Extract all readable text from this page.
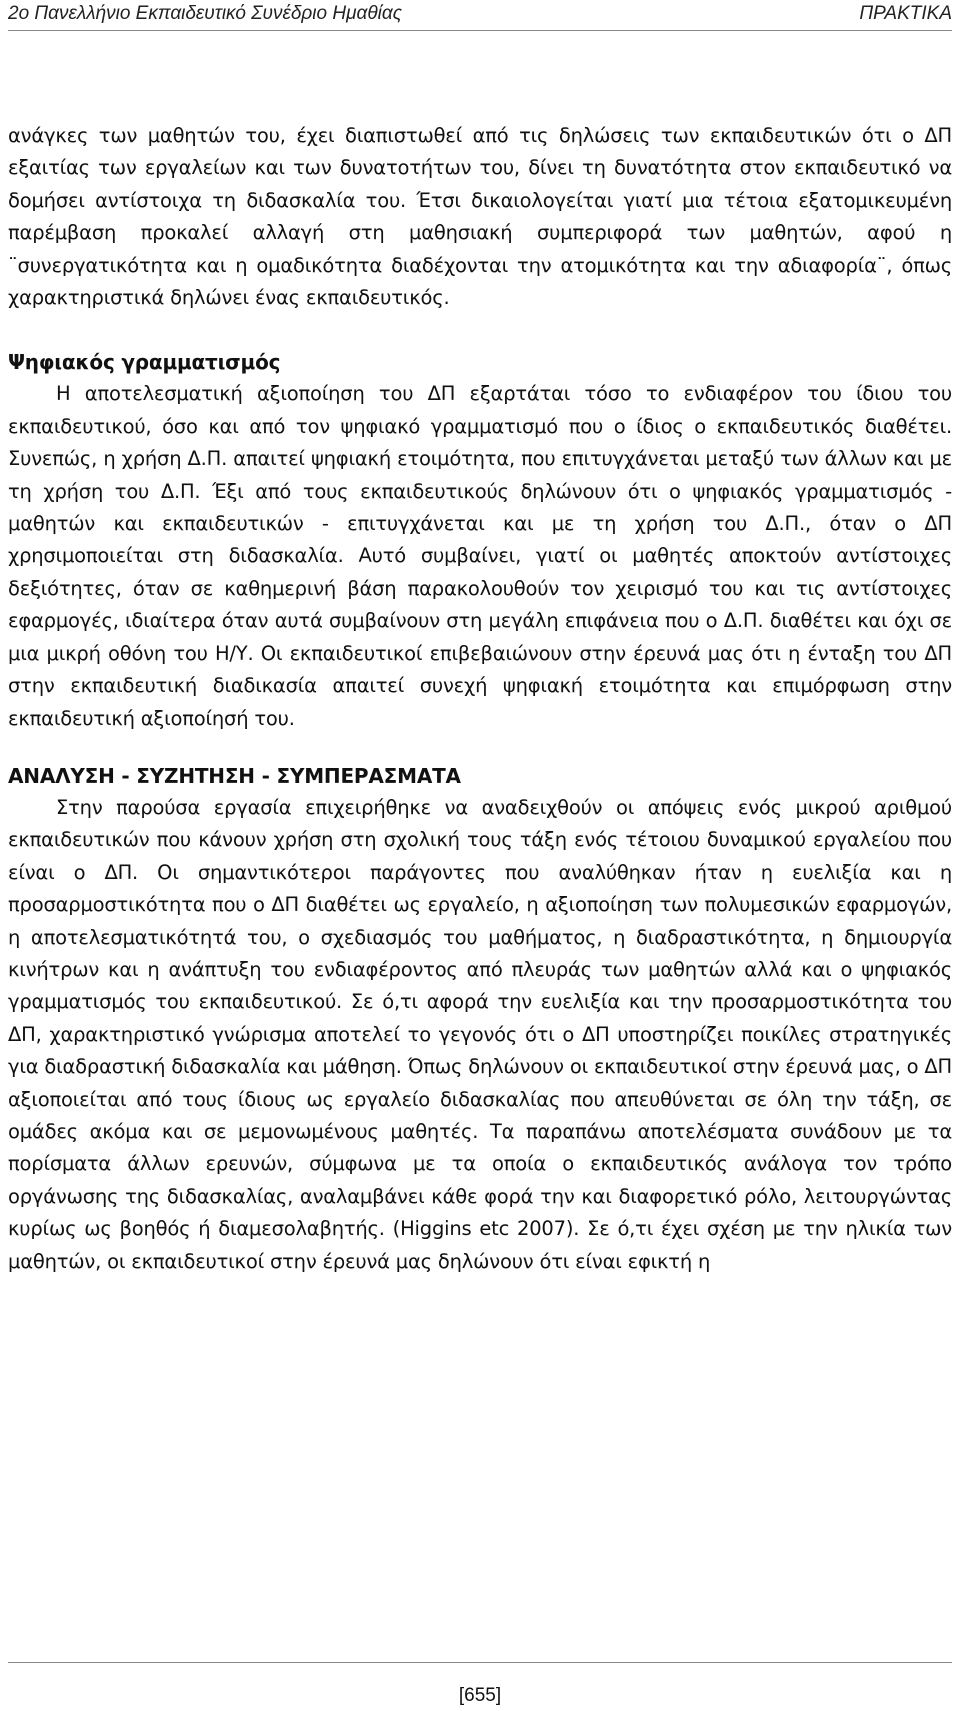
2ο Πανελλήνιο Εκπαιδευτικό Συνέδριο Ημαθίας	ΠΡΑΚΤΙΚΑ

ανάγκες των μαθητών του, έχει διαπιστωθεί από τις δηλώσεις των εκπαιδευτικών ότι ο ΔΠ εξαιτίας των εργαλείων και των δυνατοτήτων του, δίνει τη δυνατότητα στον εκπαιδευτικό να δομήσει αντίστοιχα τη διδασκαλία του. Έτσι δικαιολογείται γιατί μια τέτοια εξατομικευμένη παρέμβαση προκαλεί αλλαγή στη μαθησιακή συμπεριφορά των μαθητών, αφού η ¨συνεργατικότητα και η ομαδικότητα διαδέχονται την ατομικότητα και την αδιαφορία¨, όπως χαρακτηριστικά δηλώνει ένας εκπαιδευτικός.

Ψηφιακός γραμματισμός

Η αποτελεσματική αξιοποίηση του ΔΠ εξαρτάται τόσο το ενδιαφέρον του ίδιου του εκπαιδευτικού, όσο και από τον ψηφιακό γραμματισμό που ο ίδιος ο εκπαιδευτικός διαθέτει. Συνεπώς, η χρήση Δ.Π. απαιτεί ψηφιακή ετοιμότητα, που επιτυγχάνεται μεταξύ των άλλων και με τη χρήση του Δ.Π. Έξι από τους εκπαιδευτικούς δηλώνουν ότι ο ψηφιακός γραμματισμός - μαθητών και εκπαιδευτικών - επιτυγχάνεται και με τη χρήση του Δ.Π., όταν ο ΔΠ χρησιμοποιείται στη διδασκαλία. Αυτό συμβαίνει, γιατί οι μαθητές αποκτούν αντίστοιχες δεξιότητες, όταν σε καθημερινή βάση παρακολουθούν τον χειρισμό του και τις αντίστοιχες εφαρμογές, ιδιαίτερα όταν αυτά συμβαίνουν στη μεγάλη επιφάνεια που ο Δ.Π. διαθέτει και όχι σε μια μικρή οθόνη του Η/Υ. Οι εκπαιδευτικοί επιβεβαιώνουν στην έρευνά μας ότι η ένταξη του ΔΠ στην εκπαιδευτική διαδικασία απαιτεί συνεχή ψηφιακή ετοιμότητα και επιμόρφωση στην εκπαιδευτική αξιοποίησή του.

ΑΝΑΛΥΣΗ - ΣΥΖΗΤΗΣΗ - ΣΥΜΠΕΡΑΣΜΑΤΑ

Στην παρούσα εργασία επιχειρήθηκε να αναδειχθούν οι απόψεις ενός μικρού αριθμού εκπαιδευτικών που κάνουν χρήση στη σχολική τους τάξη ενός τέτοιου δυναμικού εργαλείου που είναι ο ΔΠ. Οι σημαντικότεροι παράγοντες που αναλύθηκαν ήταν η ευελιξία και η προσαρμοστικότητα που ο ΔΠ διαθέτει ως εργαλείο, η αξιοποίηση των πολυμεσικών εφαρμογών, η αποτελεσματικότητά του, ο σχεδιασμός του μαθήματος, η διαδραστικότητα, η δημιουργία κινήτρων και η ανάπτυξη του ενδιαφέροντος από πλευράς των μαθητών αλλά και ο ψηφιακός γραμματισμός του εκπαιδευτικού. Σε ό,τι αφορά την ευελιξία και την προσαρμοστικότητα του ΔΠ, χαρακτηριστικό γνώρισμα αποτελεί το γεγονός ότι ο ΔΠ υποστηρίζει ποικίλες στρατηγικές για διαδραστική διδασκαλία και μάθηση. Όπως δηλώνουν οι εκπαιδευτικοί στην έρευνά μας, ο ΔΠ αξιοποιείται από τους ίδιους ως εργαλείο διδασκαλίας που απευθύνεται σε όλη την τάξη, σε ομάδες ακόμα και σε μεμονωμένους μαθητές. Τα παραπάνω αποτελέσματα συνάδουν με τα πορίσματα άλλων ερευνών, σύμφωνα με τα οποία ο εκπαιδευτικός ανάλογα τον τρόπο οργάνωσης της διδασκαλίας, αναλαμβάνει κάθε φορά την και διαφορετικό ρόλο, λειτουργώντας κυρίως ως βοηθός ή διαμεσολαβητής. (Higgins etc 2007). Σε ό,τι έχει σχέση με την ηλικία των μαθητών, οι εκπαιδευτικοί στην έρευνά μας δηλώνουν ότι είναι εφικτή η

[655]
